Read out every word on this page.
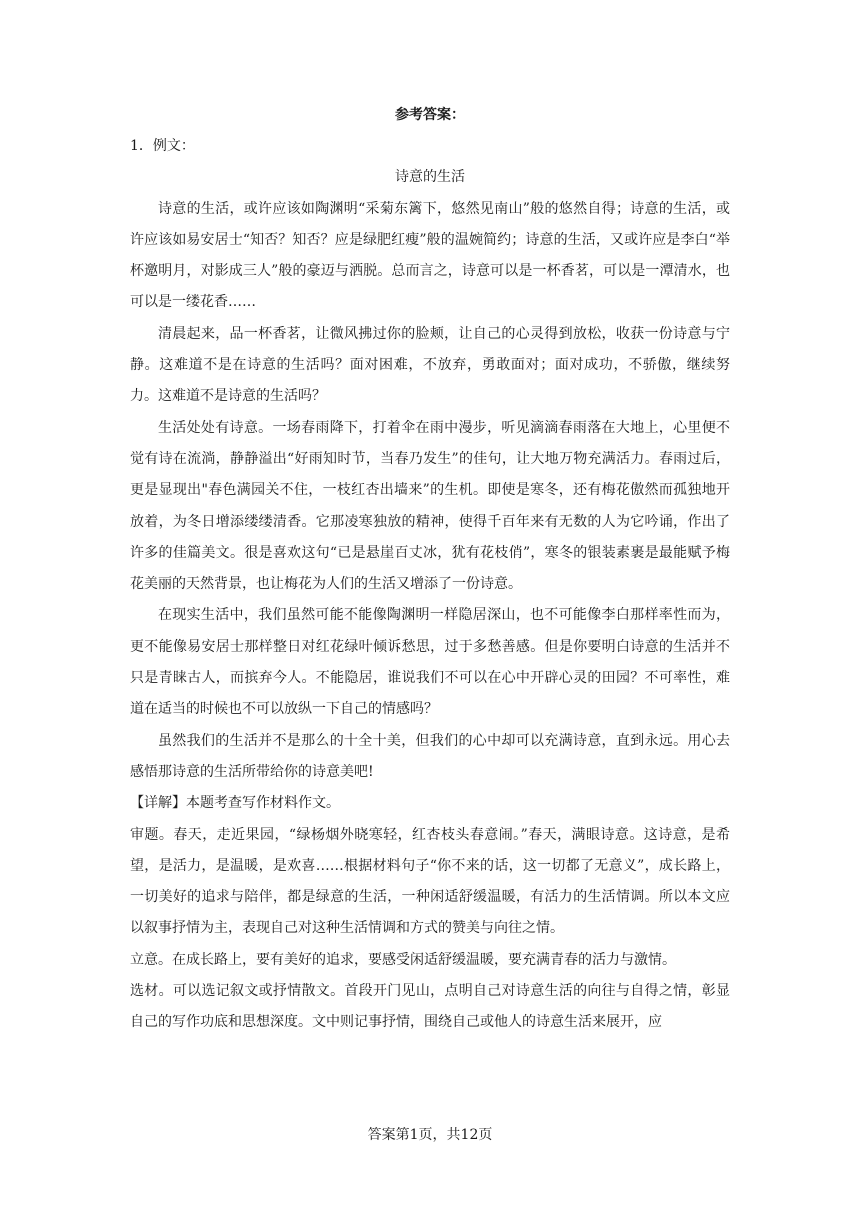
参考答案：

1．例文：

诗意的生活

诗意的生活，或许应该如陶渊明“采菊东篱下，悠然见南山”般的悠然自得；诗意的生活，或许应该如易安居士“知否？知否？应是绿肥红瘦”般的温婉简约；诗意的生活，又或许应是李白“举杯邀明月，对影成三人”般的豪迈与洒脱。总而言之，诗意可以是一杯香茗，可以是一潭清水，也可以是一缕花香……

清晨起来，品一杯香茗，让微风拂过你的脸颊，让自己的心灵得到放松，收获一份诗意与宁静。这难道不是在诗意的生活吗？面对困难，不放弃，勇敢面对；面对成功，不骄傲，继续努力。这难道不是诗意的生活吗？

生活处处有诗意。一场春雨降下，打着伞在雨中漫步，听见滴滴春雨落在大地上，心里便不觉有诗在流淌，静静溢出“好雨知时节，当春乃发生”的佳句，让大地万物充满活力。春雨过后，更是显现出"春色满园关不住，一枝红杏出墙来”的生机。即使是寒冬，还有梅花傲然而孤独地开放着，为冬日增添缕缕清香。它那凌寒独放的精神，使得千百年来有无数的人为它吟诵，作出了许多的佳篇美文。很是喜欢这句“已是悬崖百丈冰，犹有花枝俏”，寒冬的银装素裹是最能赋予梅花美丽的天然背景，也让梅花为人们的生活又增添了一份诗意。

在现实生活中，我们虽然可能不能像陶渊明一样隐居深山，也不可能像李白那样率性而为，更不能像易安居士那样整日对红花绿叶倾诉愁思，过于多愁善感。但是你要明白诗意的生活并不只是青睐古人，而摈弃今人。不能隐居，谁说我们不可以在心中开辟心灵的田园？不可率性，难道在适当的时候也不可以放纵一下自己的情感吗？

虽然我们的生活并不是那么的十全十美，但我们的心中却可以充满诗意，直到永远。用心去感悟那诗意的生活所带给你的诗意美吧!

【详解】本题考查写作材料作文。

审题。春天，走近果园，“绿杨烟外晓寒轻，红杏枝头春意闹。”春天，满眼诗意。这诗意，是希望，是活力，是温暖，是欢喜……根据材料句子“你不来的话，这一切都了无意义”，成长路上，一切美好的追求与陪伴，都是绿意的生活，一种闲适舒缓温暖，有活力的生活情调。所以本文应以叙事抒情为主，表现自己对这种生活情调和方式的赞美与向往之情。

立意。在成长路上，要有美好的追求，要感受闲适舒缓温暖，要充满青春的活力与激情。

选材。可以选记叙文或抒情散文。首段开门见山，点明自己对诗意生活的向往与自得之情，彰显自己的写作功底和思想深度。文中则记事抒情，围绕自己或他人的诗意生活来展开，应

答案第1页，共12页
